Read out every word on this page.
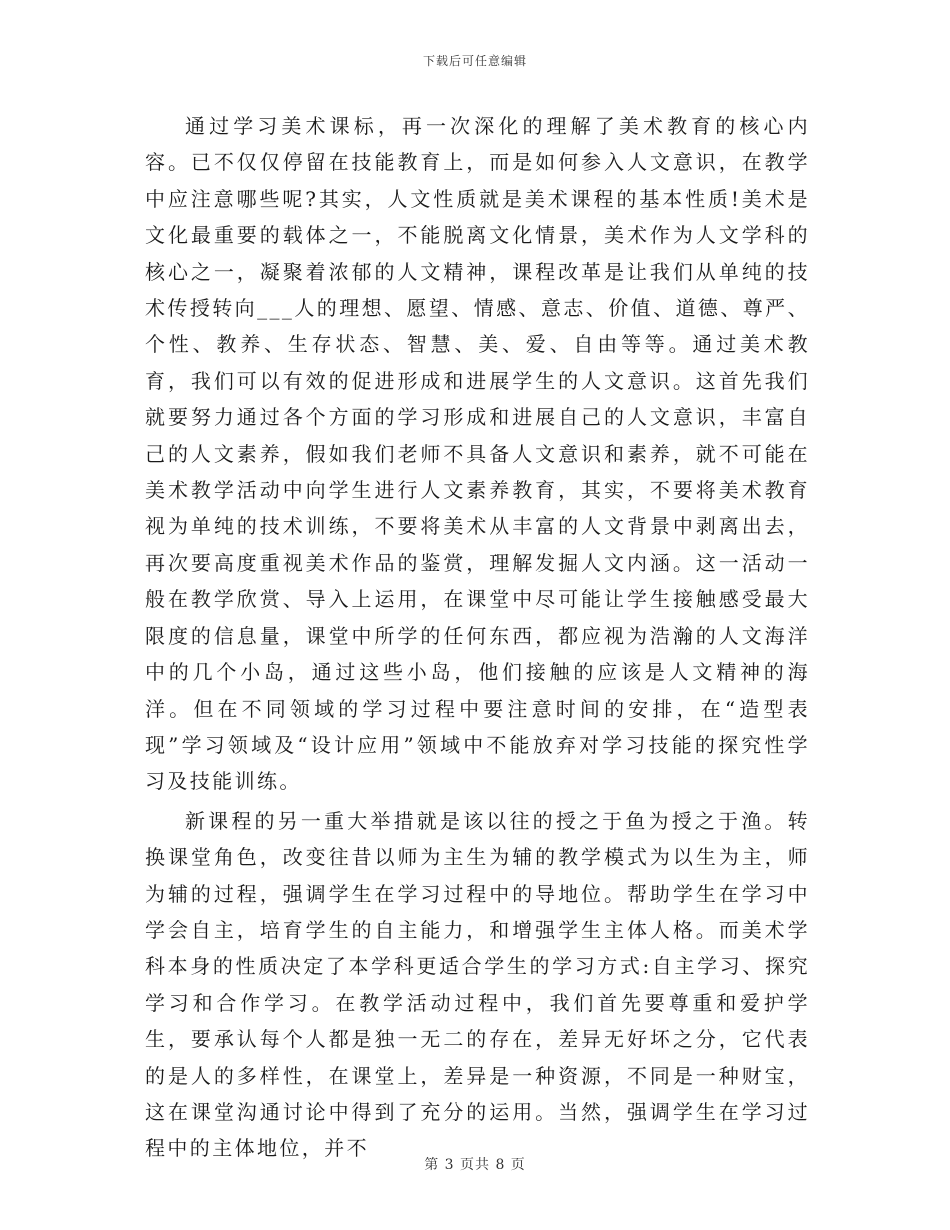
下载后可任意编辑

通过学习美术课标，再一次深化的理解了美术教育的核心内容。已不仅仅停留在技能教育上，而是如何参入人文意识，在教学中应注意哪些呢?其实，人文性质就是美术课程的基本性质!美术是文化最重要的载体之一，不能脱离文化情景，美术作为人文学科的核心之一，凝聚着浓郁的人文精神，课程改革是让我们从单纯的技术传授转向___人的理想、愿望、情感、意志、价值、道德、尊严、个性、教养、生存状态、智慧、美、爱、自由等等。通过美术教育，我们可以有效的促进形成和进展学生的人文意识。这首先我们就要努力通过各个方面的学习形成和进展自己的人文意识，丰富自己的人文素养，假如我们老师不具备人文意识和素养，就不可能在美术教学活动中向学生进行人文素养教育，其实，不要将美术教育视为单纯的技术训练，不要将美术从丰富的人文背景中剥离出去，再次要高度重视美术作品的鉴赏，理解发掘人文内涵。这一活动一般在教学欣赏、导入上运用，在课堂中尽可能让学生接触感受最大限度的信息量，课堂中所学的任何东西，都应视为浩瀚的人文海洋中的几个小岛，通过这些小岛，他们接触的应该是人文精神的海洋。但在不同领域的学习过程中要注意时间的安排，在“造型表现”学习领域及“设计应用”领域中不能放弃对学习技能的探究性学习及技能训练。

新课程的另一重大举措就是该以往的授之于鱼为授之于渔。转换课堂角色，改变往昔以师为主生为辅的教学模式为以生为主，师为辅的过程，强调学生在学习过程中的导地位。帮助学生在学习中学会自主，培育学生的自主能力，和增强学生主体人格。而美术学科本身的性质决定了本学科更适合学生的学习方式:自主学习、探究学习和合作学习。在教学活动过程中，我们首先要尊重和爱护学生，要承认每个人都是独一无二的存在，差异无好坏之分，它代表的是人的多样性，在课堂上，差异是一种资源，不同是一种财宝，这在课堂沟通讨论中得到了充分的运用。当然，强调学生在学习过程中的主体地位，并不

第 3 页共 8 页
